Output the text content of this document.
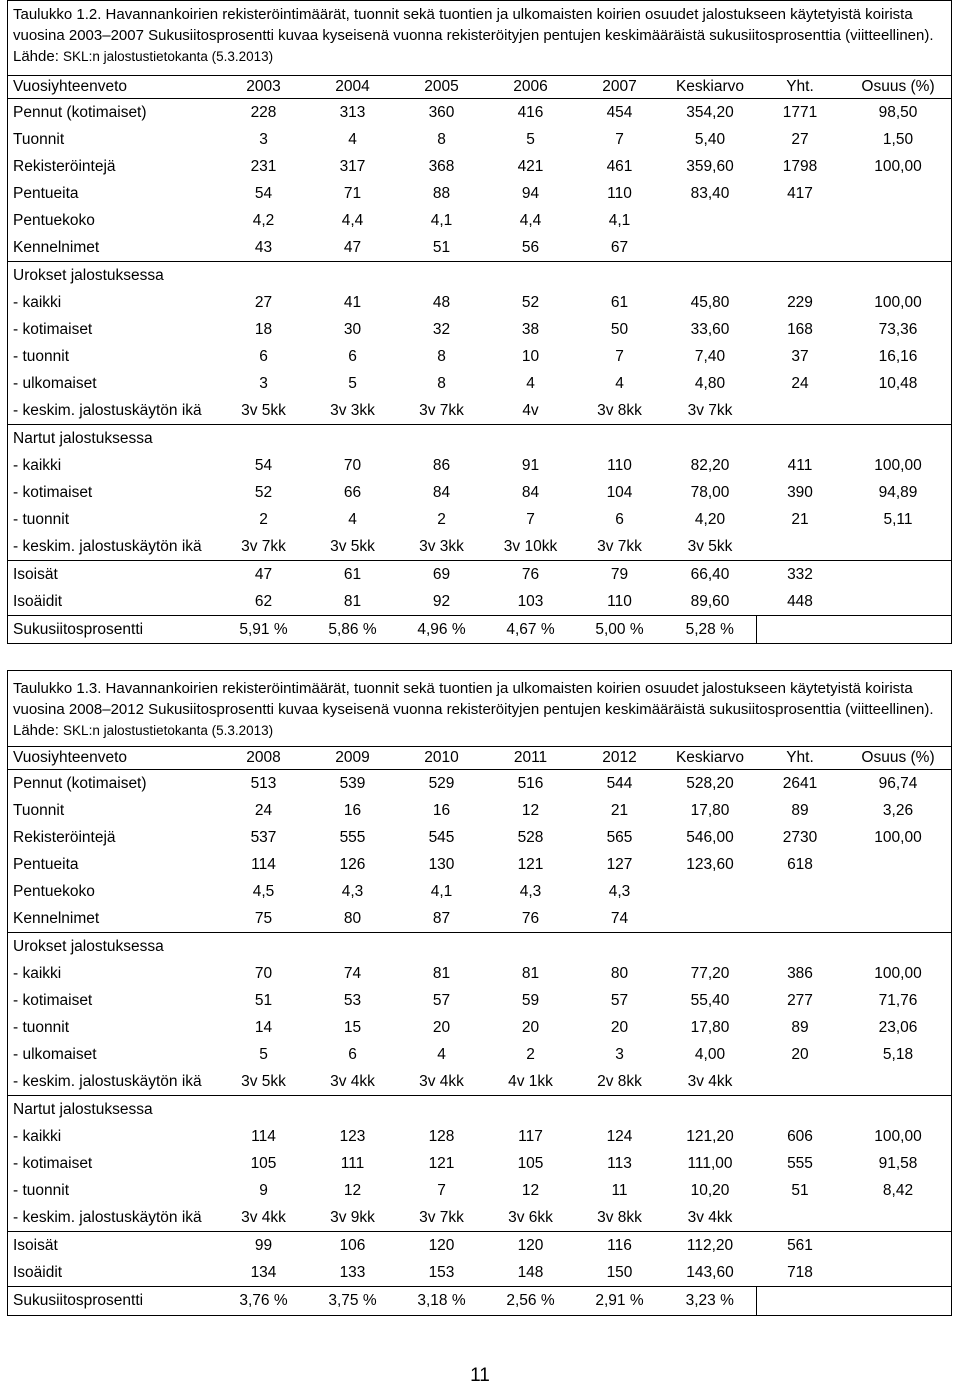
Taulukko 1.2. Havannankoirien rekisteröintimäärät, tuonnit sekä tuontien ja ulkomaisten koirien osuudet jalostukseen käytetyistä koirista vuosina 2003–2007 Sukusiitosprosentti kuvaa kyseisenä vuonna rekisteröityjen pentujen keskimääräistä sukusiitosprosenttia (viitteellinen). Lähde: SKL:n jalostustietokanta (5.3.2013)
Vuosiyhteenveto	2003	2004	2005	2006	2007	Keskiarvo	Yht.	Osuus (%)
Pennut (kotimaiset)	228	313	360	416	454	354,20	1771	98,50
Tuonnit	3	4	8	5	7	5,40	27	1,50
Rekisteröintejä	231	317	368	421	461	359,60	1798	100,00
Pentueita	54	71	88	94	110	83,40	417	
Pentuekoko	4,2	4,4	4,1	4,4	4,1			
Kennelnimet	43	47	51	56	67			
Urokset jalostuksessa								
- kaikki	27	41	48	52	61	45,80	229	100,00
- kotimaiset	18	30	32	38	50	33,60	168	73,36
- tuonnit	6	6	8	10	7	7,40	37	16,16
- ulkomaiset	3	5	8	4	4	4,80	24	10,48
- keskim. jalostuskäytön ikä	3v 5kk	3v 3kk	3v 7kk	4v	3v 8kk	3v 7kk		
Nartut jalostuksessa								
- kaikki	54	70	86	91	110	82,20	411	100,00
- kotimaiset	52	66	84	84	104	78,00	390	94,89
- tuonnit	2	4	2	7	6	4,20	21	5,11
- keskim. jalostuskäytön ikä	3v 7kk	3v 5kk	3v 3kk	3v 10kk	3v 7kk	3v 5kk		
Isoisät	47	61	69	76	79	66,40	332	
Isoäidit	62	81	92	103	110	89,60	448	
Sukusiitosprosentti	5,91 %	5,86 %	4,96 %	4,67 %	5,00 %	5,28 %		
Taulukko 1.3. Havannankoirien rekisteröintimäärät, tuonnit sekä tuontien ja ulkomaisten koirien osuudet jalostukseen käytetyistä koirista vuosina 2008–2012 Sukusiitosprosentti kuvaa kyseisenä vuonna rekisteröityjen pentujen keskimääräistä sukusiitosprosenttia (viitteellinen). Lähde: SKL:n jalostustietokanta (5.3.2013)
Vuosiyhteenveto	2008	2009	2010	2011	2012	Keskiarvo	Yht.	Osuus (%)
Pennut (kotimaiset)	513	539	529	516	544	528,20	2641	96,74
Tuonnit	24	16	16	12	21	17,80	89	3,26
Rekisteröintejä	537	555	545	528	565	546,00	2730	100,00
Pentueita	114	126	130	121	127	123,60	618	
Pentuekoko	4,5	4,3	4,1	4,3	4,3			
Kennelnimet	75	80	87	76	74			
Urokset jalostuksessa								
- kaikki	70	74	81	81	80	77,20	386	100,00
- kotimaiset	51	53	57	59	57	55,40	277	71,76
- tuonnit	14	15	20	20	20	17,80	89	23,06
- ulkomaiset	5	6	4	2	3	4,00	20	5,18
- keskim. jalostuskäytön ikä	3v 5kk	3v 4kk	3v 4kk	4v 1kk	2v 8kk	3v 4kk		
Nartut jalostuksessa								
- kaikki	114	123	128	117	124	121,20	606	100,00
- kotimaiset	105	111	121	105	113	111,00	555	91,58
- tuonnit	9	12	7	12	11	10,20	51	8,42
- keskim. jalostuskäytön ikä	3v 4kk	3v 9kk	3v 7kk	3v 6kk	3v 8kk	3v 4kk		
Isoisät	99	106	120	120	116	112,20	561	
Isoäidit	134	133	153	148	150	143,60	718	
Sukusiitosprosentti	3,76 %	3,75 %	3,18 %	2,56 %	2,91 %	3,23 %		
11
